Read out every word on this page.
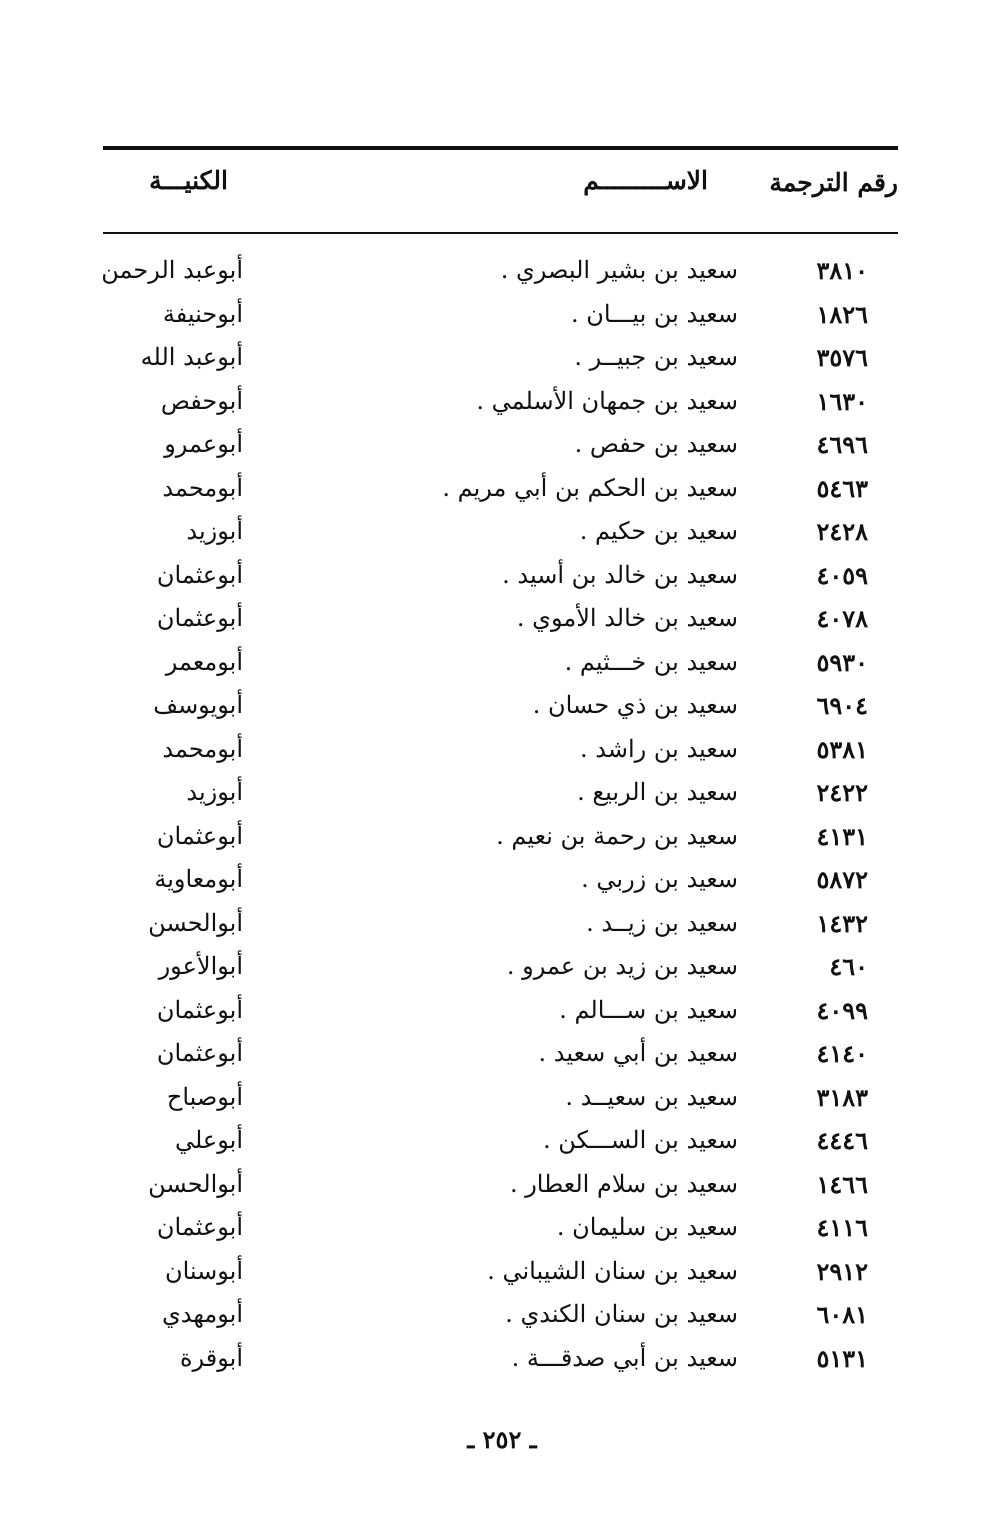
رقم الترجمة
الاســـــــــم
الكنيـــة
٣٨١٠
سعيد بن بشير البصري .
أبوعبد الرحمن
١٨٢٦
سعيد بن بيـــان .
أبوحنيفة
٣٥٧٦
سعيد بن جبيــر .
أبوعبد الله
١٦٣٠
سعيد بن جمهان الأسلمي .
أبوحفص
٤٦٩٦
سعيد بن حفص .
أبوعمرو
٥٤٦٣
سعيد بن الحكم بن أبي مريم .
أبومحمد
٢٤٢٨
سعيد بن حكيم .
أبوزيد
٤٠٥٩
سعيد بن خالد بن أسيد .
أبوعثمان
٤٠٧٨
سعيد بن خالد الأموي .
أبوعثمان
٥٩٣٠
سعيد بن خـــثيم .
أبومعمر
٦٩٠٤
سعيد بن ذي حسان .
أبويوسف
٥٣٨١
سعيد بن راشد .
أبومحمد
٢٤٢٢
سعيد بن الربيع .
أبوزيد
٤١٣١
سعيد بن رحمة بن نعيم .
أبوعثمان
٥٨٧٢
سعيد بن زربي .
أبومعاوية
١٤٣٢
سعيد بن زيــد .
أبوالحسن
٤٦٠
سعيد بن زيد بن عمرو .
أبوالأعور
٤٠٩٩
سعيد بن ســـالم .
أبوعثمان
٤١٤٠
سعيد بن أبي سعيد .
أبوعثمان
٣١٨٣
سعيد بن سعيــد .
أبوصباح
٤٤٤٦
سعيد بن الســـكن .
أبوعلي
١٤٦٦
سعيد بن سلام العطار .
أبوالحسن
٤١١٦
سعيد بن سليمان .
أبوعثمان
٢٩١٢
سعيد بن سنان الشيباني .
أبوسنان
٦٠٨١
سعيد بن سنان الكندي .
أبومهدي
٥١٣١
سعيد بن أبي صدقـــة .
أبوقرة
ـ ٢٥٢ ـ
